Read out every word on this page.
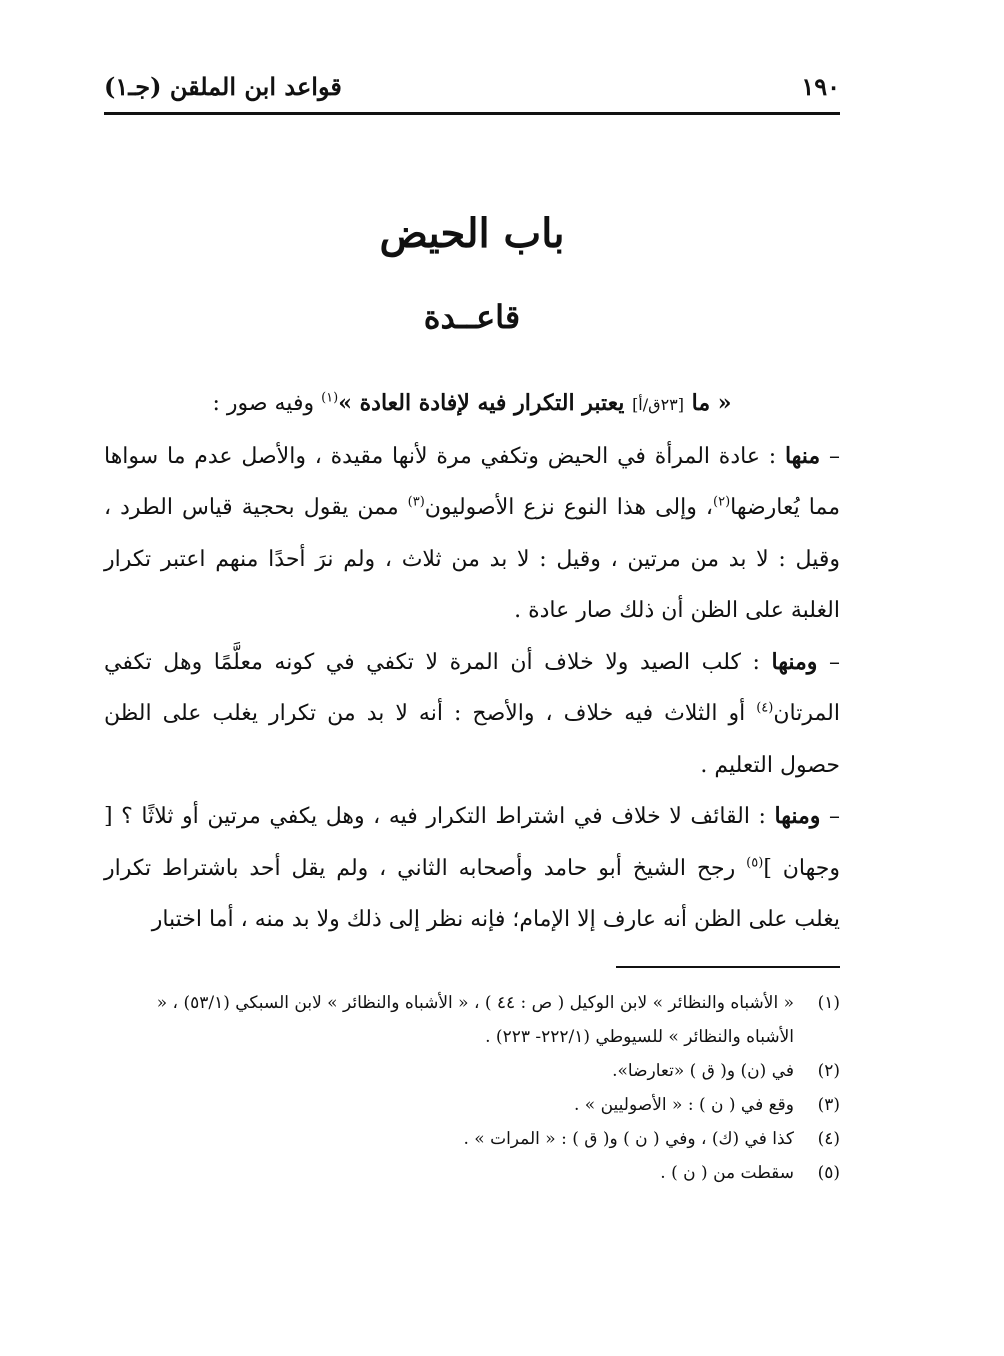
١٩٠
قواعد ابن الملقن (جـ١)
باب الحيض
قاعــدة

« ما [٢٣ق/أ] يعتبر التكرار فيه لإفادة العادة »$^{(١)}$ وفيه صور :

– منها : عادة المرأة في الحيض وتكفي مرة لأنها مقيدة ، والأصل عدم ما سواها مما يُعارضها$^{(٢)}$، وإلى هذا النوع نزع الأصوليون$^{(٣)}$ ممن يقول بحجية قياس الطرد ، وقيل : لا بد من مرتين ، وقيل : لا بد من ثلاث ، ولم نرَ أحدًا منهم اعتبر تكرار الغلبة على الظن أن ذلك صار عادة .

– ومنها : كلب الصيد ولا خلاف أن المرة لا تكفي في كونه معلَّمًا وهل تكفي المرتان$^{(٤)}$ أو الثلاث فيه خلاف ، والأصح : أنه لا بد من تكرار يغلب على الظن حصول التعليم .

– ومنها : القائف لا خلاف في اشتراط التكرار فيه ، وهل يكفي مرتين أو ثلاثًا ؟ [ وجهان ]$^{(٥)}$ رجح الشيخ أبو حامد وأصحابه الثاني ، ولم يقل أحد باشتراط تكرار يغلب على الظن أنه عارف إلا الإمام؛ فإنه نظر إلى ذلك ولا بد منه ، أما اختبار

(١)
« الأشباه والنظائر » لابن الوكيل ( ص : ٤٤ ) ، « الأشباه والنظائر » لابن السبكي (٥٣/١) ، « الأشباه والنظائر » للسيوطي (٢٢٢/١- ٢٢٣) .
(٢)
في (ن) و( ق ) «تعارضا».
(٣)
وقع في ( ن ) : « الأصوليين » .
(٤)
كذا في (ك) ، وفي ( ن ) و( ق ) : « المرات » .
(٥)
سقطت من ( ن ) .
